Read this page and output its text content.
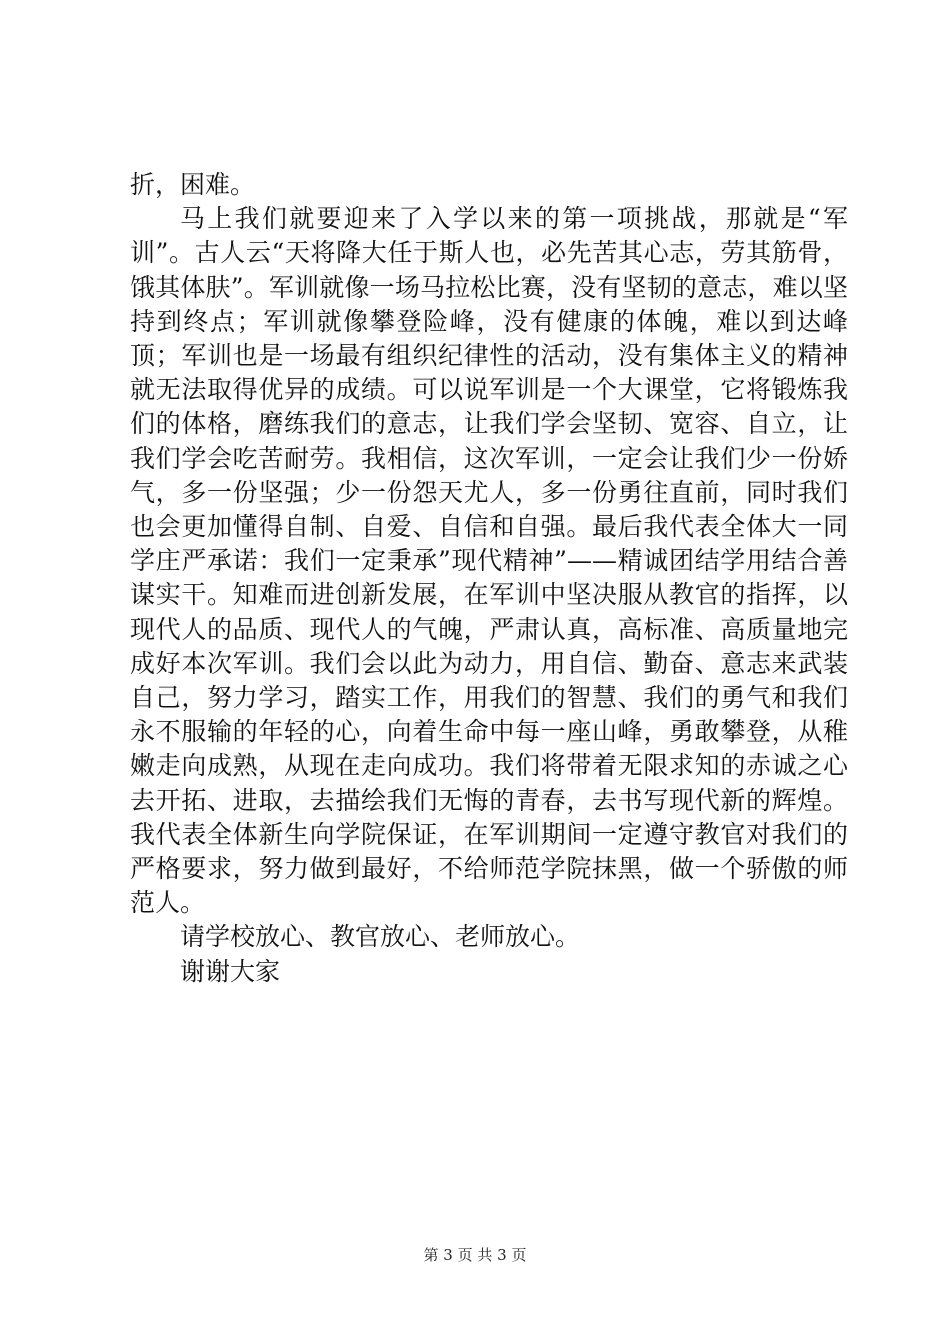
折，困难。

马上我们就要迎来了入学以来的第一项挑战，那就是“军训”。古人云“天将降大任于斯人也，必先苦其心志，劳其筋骨，饿其体肤”。军训就像一场马拉松比赛，没有坚韧的意志，难以坚持到终点；军训就像攀登险峰，没有健康的体魄，难以到达峰顶；军训也是一场最有组织纪律性的活动，没有集体主义的精神就无法取得优异的成绩。可以说军训是一个大课堂，它将锻炼我们的体格，磨练我们的意志，让我们学会坚韧、宽容、自立，让我们学会吃苦耐劳。我相信，这次军训，一定会让我们少一份娇气，多一份坚强；少一份怨天尤人，多一份勇往直前，同时我们也会更加懂得自制、自爱、自信和自强。最后我代表全体大一同学庄严承诺：我们一定秉承”现代精神”——精诚团结学用结合善谋实干。知难而进创新发展，在军训中坚决服从教官的指挥，以现代人的品质、现代人的气魄，严肃认真，高标准、高质量地完成好本次军训。我们会以此为动力，用自信、勤奋、意志来武装自己，努力学习，踏实工作，用我们的智慧、我们的勇气和我们永不服输的年轻的心，向着生命中每一座山峰，勇敢攀登，从稚嫩走向成熟，从现在走向成功。我们将带着无限求知的赤诚之心去开拓、进取，去描绘我们无悔的青春，去书写现代新的辉煌。我代表全体新生向学院保证，在军训期间一定遵守教官对我们的严格要求，努力做到最好，不给师范学院抹黑，做一个骄傲的师范人。

请学校放心、教官放心、老师放心。

谢谢大家

第 3 页 共 3 页
